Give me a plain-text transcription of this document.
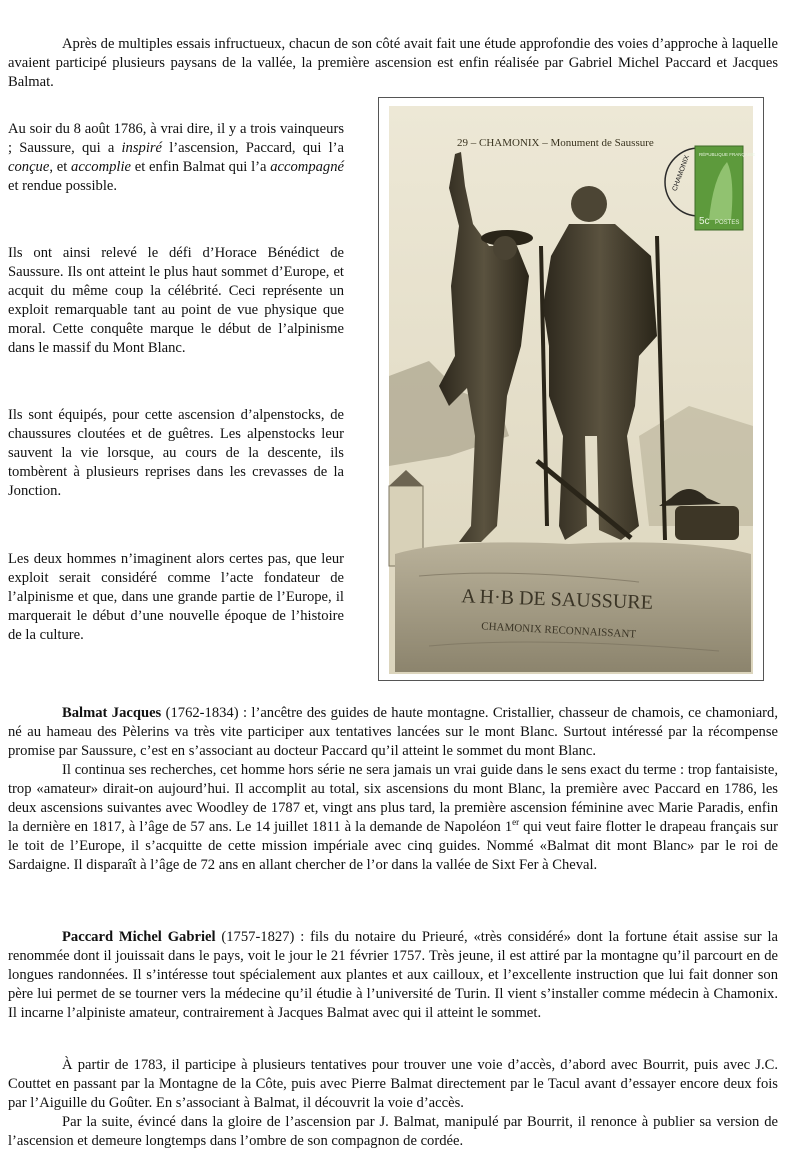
Après de multiples essais infructueux, chacun de son côté avait fait une étude approfondie des voies d’approche à laquelle avaient participé plusieurs paysans de la vallée, la première ascension est enfin réalisée par Gabriel Michel Paccard et Jacques Balmat.

Au soir du 8 août 1786, à vrai dire, il y a trois vainqueurs ; Saussure, qui a inspiré l’ascension, Paccard, qui l’a conçue, et accomplie et enfin Balmat qui l’a accompagné et rendue possible.

Ils ont ainsi relevé le défi d’Horace Bénédict de Saussure. Ils ont atteint le plus haut sommet d’Europe, et acquit du même coup la célébrité. Ceci représente un exploit remarquable tant au point de vue physique que moral. Cette conquête marque le début de l’alpinisme dans le massif du Mont Blanc.

Ils sont équipés, pour cette ascension d’alpenstocks, de chaussures cloutées et de guêtres. Les alpenstocks leur sauvent la vie lorsque, au cours de la descente, ils tombèrent à plusieurs reprises dans les crevasses de la Jonction.

Les deux hommes n’imaginent alors certes pas, que leur exploit serait considéré comme l’acte fondateur de l’alpinisme et que, dans une grande partie de l’Europe, il marquerait le début d’une nouvelle époque de l’histoire de la culture.

A H·B DE SAUSSURE
CHAMONIX RECONNAISSANT
29 – CHAMONIX – Monument de Saussure
RÉPUBLIQUE FRANÇAISE
5c POSTES
CHAMONIX

Balmat Jacques (1762-1834) : l’ancêtre des guides de haute montagne. Cristallier, chasseur de chamois, ce chamoniard, né au hameau des Pèlerins va très vite participer aux tentatives lancées sur le mont Blanc. Surtout intéressé par la récompense promise par Saussure, c’est en s’associant au docteur Paccard qu’il atteint le sommet du mont Blanc.

Il continua ses recherches, cet homme hors série ne sera jamais un vrai guide dans le sens exact du terme : trop fantaisiste, trop «amateur» dirait-on aujourd’hui. Il accomplit au total, six ascensions du mont Blanc, la première avec Paccard en 1786, les deux ascensions suivantes avec Woodley de 1787 et, vingt ans plus tard, la première ascension féminine avec Marie Paradis, enfin la dernière en 1817, à l’âge de 57 ans. Le 14 juillet 1811 à la demande de Napoléon 1er qui veut faire flotter le drapeau français sur le toit de l’Europe, il s’acquitte de cette mission impériale avec cinq guides. Nommé «Balmat dit mont Blanc» par le roi de Sardaigne. Il disparaît à l’âge de 72 ans en allant chercher de l’or dans la vallée de Sixt Fer à Cheval.

Paccard Michel Gabriel (1757-1827) : fils du notaire du Prieuré, «très considéré» dont la fortune était assise sur la renommée dont il jouissait dans le pays, voit le jour le 21 février 1757. Très jeune, il est attiré par la montagne qu’il parcourt en de longues randonnées. Il s’intéresse tout spécialement aux plantes et aux cailloux, et l’excellente instruction que lui fait donner son père lui permet de se tourner vers la médecine qu’il étudie à l’université de Turin. Il vient s’installer comme médecin à Chamonix. Il incarne l’alpiniste amateur, contrairement à Jacques Balmat avec qui il atteint le sommet.

À partir de 1783, il participe à plusieurs tentatives pour trouver une voie d’accès, d’abord avec Bourrit, puis avec J.C. Couttet en passant par la Montagne de la Côte, puis avec Pierre Balmat directement par le Tacul avant d’essayer encore deux fois par l’Aiguille du Goûter. En s’associant à Balmat, il découvrit la voie d’accès.

Par la suite, évincé dans la gloire de l’ascension par J. Balmat, manipulé par Bourrit, il renonce à publier sa version de l’ascension et demeure longtemps dans l’ombre de son compagnon de cordée.
